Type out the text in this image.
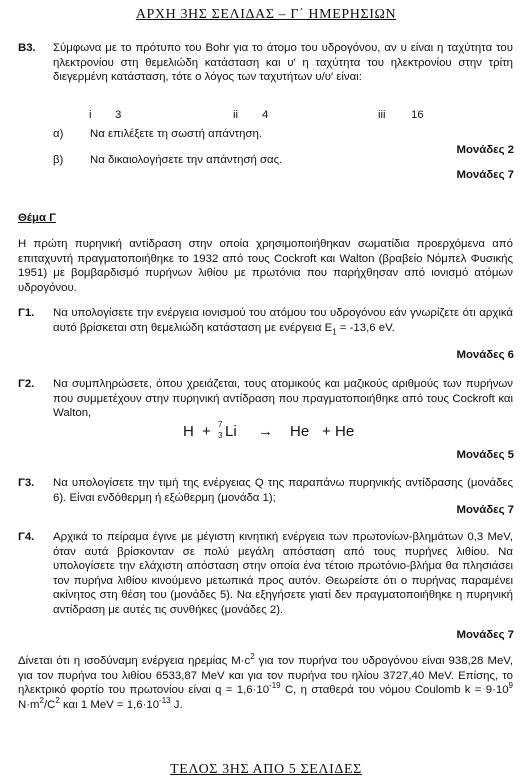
ΑΡΧΗ 3ΗΣ ΣΕΛΙΔΑΣ – Γ΄ ΗΜΕΡΗΣΙΩΝ
Β3. Σύμφωνα με το πρότυπο του Bohr για το άτομο του υδρογόνου, αν υ είναι η ταχύτητα του ηλεκτρονίου στη θεμελιώδη κατάσταση και υ′ η ταχύτητα του ηλεκτρονίου στην τρίτη διεγερμένη κατάσταση, τότε ο λόγος των ταχυτήτων υ/υ′ είναι:
i 3	ii 4	iii 16
α) Να επιλέξετε τη σωστή απάντηση.
Μονάδες 2
β) Να δικαιολογήσετε την απάντησή σας.
Μονάδες 7
Θέμα Γ
Η πρώτη πυρηνική αντίδραση στην οποία χρησιμοποιήθηκαν σωματίδια προερχόμενα από επιταχυντή πραγματοποιήθηκε το 1932 από τους Cockroft και Walton (βραβείο Νόμπελ Φυσικής 1951) με βομβαρδισμό πυρήνων λιθίου με πρωτόνια που παρήχθησαν από ιονισμό ατόμων υδρογόνου.
Γ1. Να υπολογίσετε την ενέργεια ιονισμού του ατόμου του υδρογόνου εάν γνωρίζετε ότι αρχικά αυτό βρίσκεται στη θεμελιώδη κατάσταση με ενέργεια $E_1 = -13,6$ eV.
Μονάδες 6
Γ2. Να συμπληρώσετε, όπου χρειάζεται, τους ατομικούς και μαζικούς αριθμούς των πυρήνων που συμμετέχουν στην πυρηνική αντίδραση που πραγματοποιήθηκε από τους Cockroft και Walton,
H + 7
3 Li → He + He
Μονάδες 5
Γ3. Να υπολογίσετε την τιμή της ενέργειας Q της παραπάνω πυρηνικής αντίδρασης (μονάδες 6). Είναι ενδόθερμη ή εξώθερμη (μονάδα 1);
Μονάδες 7
Γ4. Αρχικά το πείραμα έγινε με μέγιστη κινητική ενέργεια των πρωτονίων-βλημάτων 0,3 MeV, όταν αυτά βρίσκονταν σε πολύ μεγάλη απόσταση από τους πυρήνες λιθίου. Να υπολογίσετε την ελάχιστη απόσταση στην οποία ένα τέτοιο πρωτόνιο-βλήμα θα πλησιάσει τον πυρήνα λιθίου κινούμενο μετωπικά προς αυτόν. Θεωρείστε ότι ο πυρήνας παραμένει ακίνητος στη θέση του (μονάδες 5). Να εξηγήσετε γιατί δεν πραγματοποιήθηκε η πυρηνική αντίδραση με αυτές τις συνθήκες (μονάδες 2).
Μονάδες 7
Δίνεται ότι η ισοδύναμη ενέργεια ηρεμίας $M\cdot c^2$ για τον πυρήνα του υδρογόνου είναι 938,28 MeV, για τον πυρήνα του λιθίου 6533,87 MeV και για τον πυρήνα του ηλίου 3727,40 MeV. Επίσης, το ηλεκτρικό φορτίο του πρωτονίου είναι $q = 1,6\cdot 10^{-19}$ C, η σταθερά του νόμου Coulomb $k = 9\cdot 10^9$ $N\cdot m^2/C^2$ και 1 MeV = $1,6\cdot 10^{-13}$ J.
ΤΕΛΟΣ 3ΗΣ ΑΠΟ 5 ΣΕΛΙΔΕΣ
